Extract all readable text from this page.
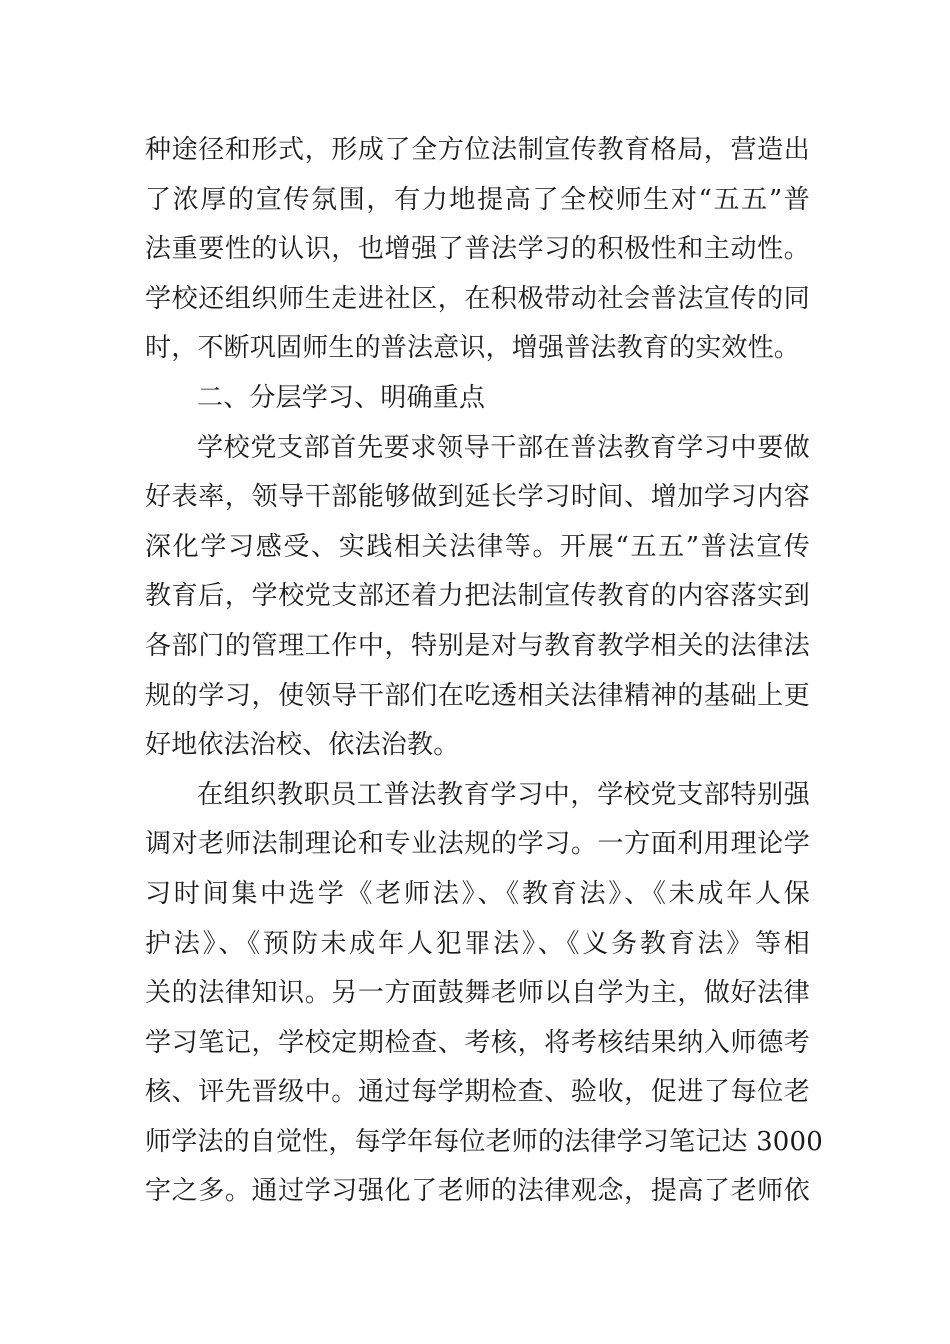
种途径和形式，形成了全方位法制宣传教育格局，营造出
了浓厚的宣传氛围，有力地提高了全校师生对“五五”普
法重要性的认识，也增强了普法学习的积极性和主动性。
学校还组织师生走进社区，在积极带动社会普法宣传的同
时，不断巩固师生的普法意识，增强普法教育的实效性。
二、分层学习、明确重点
学校党支部首先要求领导干部在普法教育学习中要做
好表率，领导干部能够做到延长学习时间、增加学习内容
深化学习感受、实践相关法律等。开展“五五”普法宣传
教育后，学校党支部还着力把法制宣传教育的内容落实到
各部门的管理工作中，特别是对与教育教学相关的法律法
规的学习，使领导干部们在吃透相关法律精神的基础上更
好地依法治校、依法治教。
在组织教职员工普法教育学习中，学校党支部特别强
调对老师法制理论和专业法规的学习。一方面利用理论学
习时间集中选学《老师法》、《教育法》、《未成年人保
护法》、《预防未成年人犯罪法》、《义务教育法》等相
关的法律知识。另一方面鼓舞老师以自学为主，做好法律
学习笔记，学校定期检查、考核，将考核结果纳入师德考
核、评先晋级中。通过每学期检查、验收，促进了每位老
师学法的自觉性，每学年每位老师的法律学习笔记达 3000
字之多。通过学习强化了老师的法律观念，提高了老师依
